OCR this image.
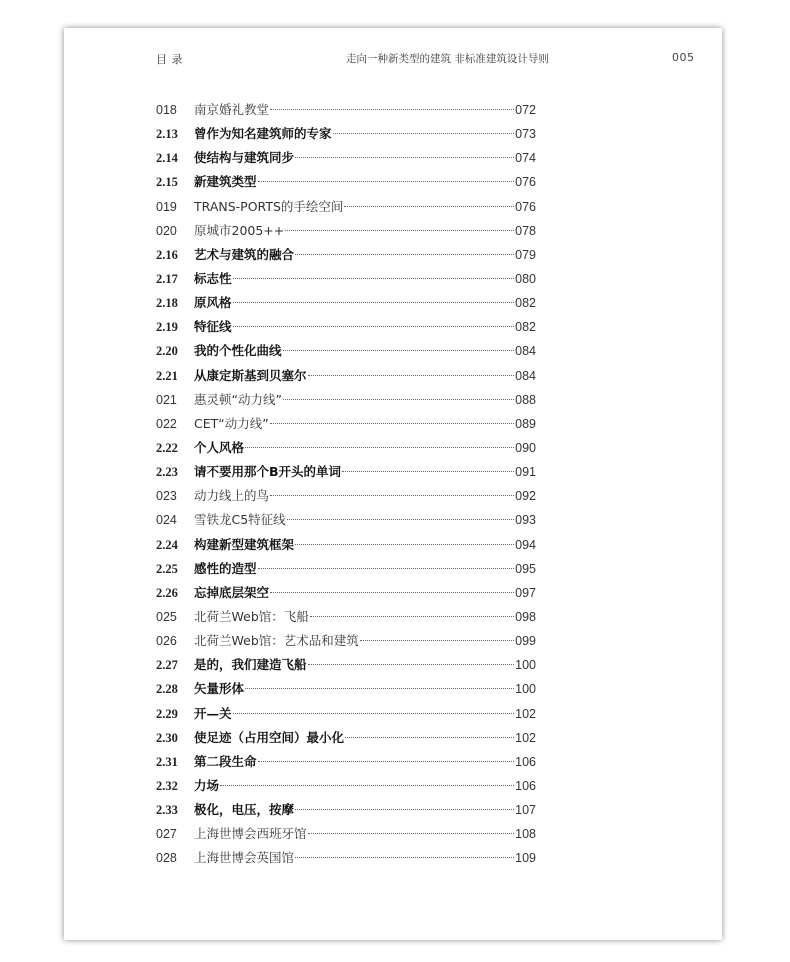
目 录	走向一种新类型的建筑 非标准建筑设计导则	005
018	南京婚礼教堂	072
2.13	曾作为知名建筑师的专家	073
2.14	使结构与建筑同步	074
2.15	新建筑类型	076
019	TRANS-PORTS的手绘空间	076
020	原城市2005++	078
2.16	艺术与建筑的融合	079
2.17	标志性	080
2.18	原风格	082
2.19	特征线	082
2.20	我的个性化曲线	084
2.21	从康定斯基到贝塞尔	084
021	惠灵顿“动力线”	088
022	CET“动力线”	089
2.22	个人风格	090
2.23	请不要用那个B开头的单词	091
023	动力线上的鸟	092
024	雪铁龙C5特征线	093
2.24	构建新型建筑框架	094
2.25	感性的造型	095
2.26	忘掉底层架空	097
025	北荷兰Web馆：飞船	098
026	北荷兰Web馆：艺术品和建筑	099
2.27	是的，我们建造飞船	100
2.28	矢量形体	100
2.29	开—关	102
2.30	使足迹（占用空间）最小化	102
2.31	第二段生命	106
2.32	力场	106
2.33	极化，电压，按摩	107
027	上海世博会西班牙馆	108
028	上海世博会英国馆	109
